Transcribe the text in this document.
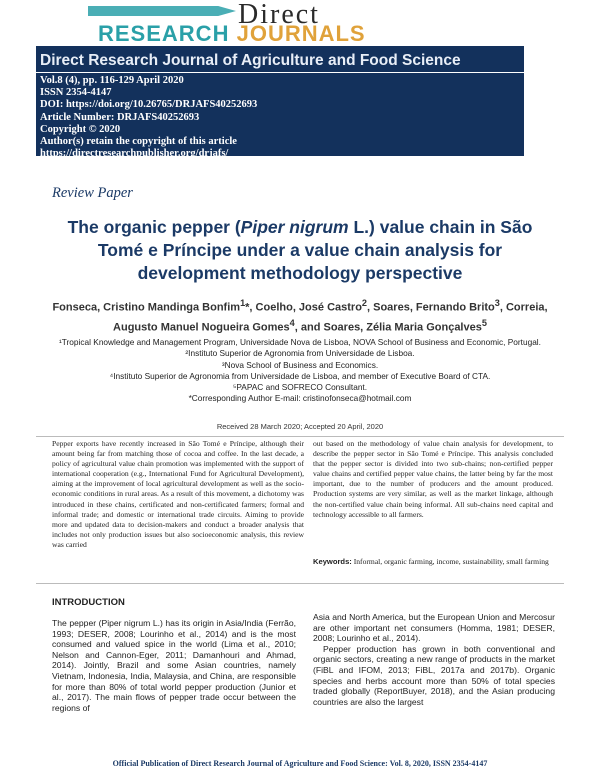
Direct
RESEARCH JOURNALS
Direct Research Journal of Agriculture and Food Science
Vol.8 (4), pp. 116-129 April 2020
ISSN 2354-4147
DOI: https://doi.org/10.26765/DRJAFS40252693
Article Number: DRJAFS40252693
Copyright © 2020
Author(s) retain the copyright of this article
https://directresearchpublisher.org/drjafs/
Review Paper
The organic pepper (Piper nigrum L.) value chain in São Tomé e Príncipe under a value chain analysis for development methodology perspective
Fonseca, Cristino Mandinga Bonfim$^1$*, Coelho, José Castro$^2$, Soares, Fernando Brito$^3$, Correia, Augusto Manuel Nogueira Gomes$^4$, and Soares, Zélia Maria Gonçalves$^5$
¹Tropical Knowledge and Management Program, Universidade Nova de Lisboa, NOVA School of Business and Economic, Portugal.
²Instituto Superior de Agronomia from Universidade de Lisboa.
³Nova School of Business and Economics.
⁴Instituto Superior de Agronomia from Universidade de Lisboa, and member of Executive Board of CTA.
⁵PAPAC and SOFRECO Consultant.
*Corresponding Author E-mail: cristinofonseca@hotmail.com
Received 28 March 2020; Accepted 20 April, 2020
Pepper exports have recently increased in São Tomé e Príncipe, although their amount being far from matching those of cocoa and coffee. In the last decade, a policy of agricultural value chain promotion was implemented with the support of international cooperation (e.g., International Fund for Agricultural Development), aiming at the improvement of local agricultural development as well as the socio-economic conditions in rural areas. As a result of this movement, a dichotomy was introduced in these chains, certificated and non-certificated farmers; formal and informal trade; and domestic or international trade circuits. Aiming to provide more and updated data to decision-makers and conduct a broader analysis that includes not only production issues but also socioeconomic analysis, this review was carried
out based on the methodology of value chain analysis for development, to describe the pepper sector in São Tomé e Príncipe. This analysis concluded that the pepper sector is divided into two sub-chains; non-certified pepper value chains and certified pepper value chains, the latter being by far the most important, due to the number of producers and the amount produced. Production systems are very similar, as well as the market linkage, although the non-certified value chain being informal. All sub-chains need capital and technology accessible to all farmers.
Keywords: Informal, organic farming, income, sustainability, small farming
INTRODUCTION
The pepper (Piper nigrum L.) has its origin in Asia/India (Ferrão, 1993; DESER, 2008; Lourinho et al., 2014) and is the most consumed and valued spice in the world (Lima et al., 2010; Nelson and Cannon-Eger, 2011; Damanhouri and Ahmad, 2014). Jointly, Brazil and some Asian countries, namely Vietnam, Indonesia, India, Malaysia, and China, are responsible for more than 80% of total world pepper production (Junior et al., 2017). The main flows of pepper trade occur between the regions of
Asia and North America, but the European Union and Mercosur are other important net consumers (Homma, 1981; DESER, 2008; Lourinho et al., 2014).
Pepper production has grown in both conventional and organic sectors, creating a new range of products in the market (FiBL and IFOM, 2013; FiBL, 2017a and 2017b). Organic species and herbs account more than 50% of total species traded globally (ReportBuyer, 2018), and the Asian producing countries are also the largest
Official Publication of Direct Research Journal of Agriculture and Food Science: Vol. 8, 2020, ISSN 2354-4147
